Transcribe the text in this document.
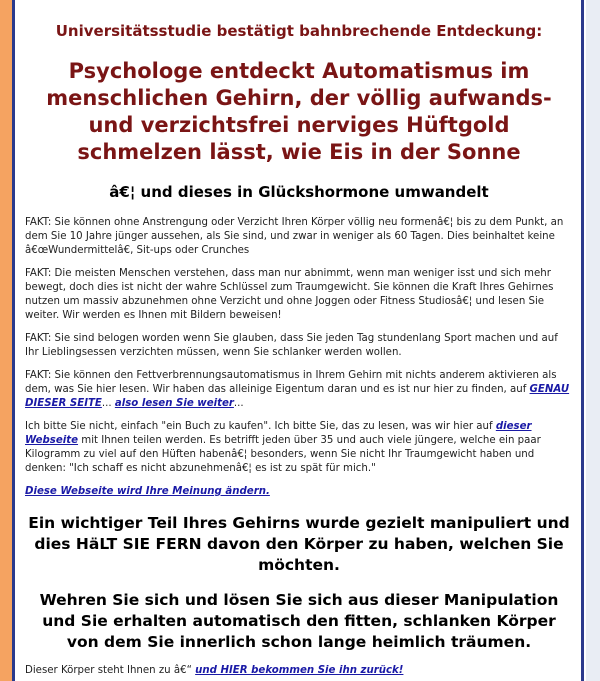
Universitätsstudie bestätigt bahnbrechende Entdeckung:
Psychologe entdeckt Automatismus im menschlichen Gehirn, der völlig aufwands- und verzichtsfrei nerviges Hüftgold schmelzen lässt, wie Eis in der Sonne
â€¦ und dieses in Glückshormone umwandelt
FAKT: Sie können ohne Anstrengung oder Verzicht Ihren Körper völlig neu formenâ€¦ bis zu dem Punkt, an dem Sie 10 Jahre jünger aussehen, als Sie sind, und zwar in weniger als 60 Tagen. Dies beinhaltet keine â€œWundermittelâ€, Sit-ups oder Crunches
FAKT: Die meisten Menschen verstehen, dass man nur abnimmt, wenn man weniger isst und sich mehr bewegt, doch dies ist nicht der wahre Schlüssel zum Traumgewicht. Sie können die Kraft Ihres Gehirnes nutzen um massiv abzunehmen ohne Verzicht und ohne Joggen oder Fitness Studiosâ€¦ und lesen Sie weiter. Wir werden es Ihnen mit Bildern beweisen!
FAKT: Sie sind belogen worden wenn Sie glauben, dass Sie jeden Tag stundenlang Sport machen und auf Ihr Lieblingsessen verzichten müssen, wenn Sie schlanker werden wollen.
FAKT: Sie können den Fettverbrennungsautomatismus in Ihrem Gehirn mit nichts anderem aktivieren als dem, was Sie hier lesen. Wir haben das alleinige Eigentum daran und es ist nur hier zu finden, auf GENAU DIESER SEITE... also lesen Sie weiter...
Ich bitte Sie nicht, einfach "ein Buch zu kaufen". Ich bitte Sie, das zu lesen, was wir hier auf dieser Webseite mit Ihnen teilen werden. Es betrifft jeden über 35 und auch viele jüngere, welche ein paar Kilogramm zu viel auf den Hüften habenâ€¦ besonders, wenn Sie nicht Ihr Traumgewicht haben und denken: "Ich schaff es nicht abzunehmenâ€¦ es ist zu spät für mich."
Diese Webseite wird Ihre Meinung ändern.
Ein wichtiger Teil Ihres Gehirns wurde gezielt manipuliert und dies HäLT SIE FERN davon den Körper zu haben, welchen Sie möchten.
Wehren Sie sich und lösen Sie sich aus dieser Manipulation und Sie erhalten automatisch den fitten, schlanken Körper von dem Sie innerlich schon lange heimlich träumen.
Dieser Körper steht Ihnen zu â€“ und HIER bekommen Sie ihn zurück!
